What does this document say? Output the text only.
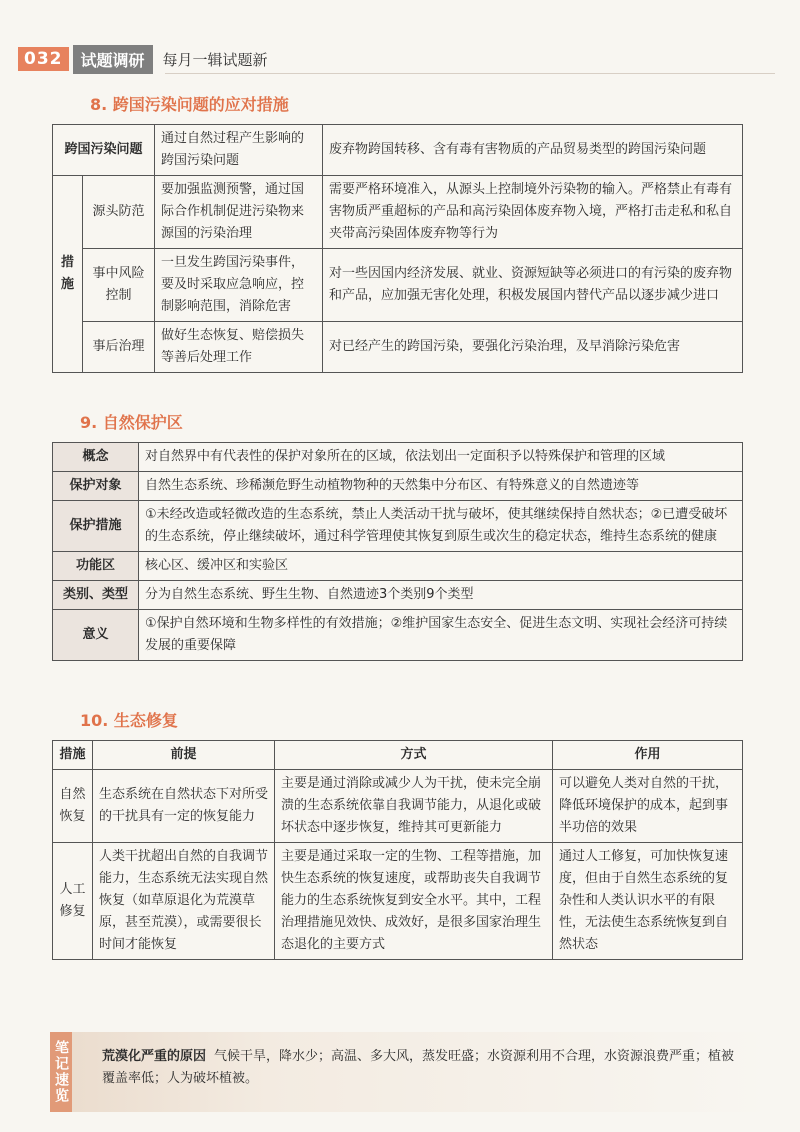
032	试题调研	每月一辑试题新
8. 跨国污染问题的应对措施
跨国污染问题		通过自然过程产生影响的跨国污染问题	废弃物跨国转移、含有毒有害物质的产品贸易类型的跨国污染问题
措施	源头防范	要加强监测预警，通过国际合作机制促进污染物来源国的污染治理	需要严格环境准入，从源头上控制境外污染物的输入。严格禁止有毒有害物质严重超标的产品和高污染固体废弃物入境，严格打击走私和私自夹带高污染固体废弃物等行为
	事中风险控制	一旦发生跨国污染事件，要及时采取应急响应，控制影响范围，消除危害	对一些因国内经济发展、就业、资源短缺等必须进口的有污染的废弃物和产品，应加强无害化处理，积极发展国内替代产品以逐步减少进口
	事后治理	做好生态恢复、赔偿损失等善后处理工作	对已经产生的跨国污染，要强化污染治理，及早消除污染危害
9. 自然保护区
概念	对自然界中有代表性的保护对象所在的区域，依法划出一定面积予以特殊保护和管理的区域
保护对象	自然生态系统、珍稀濒危野生动植物物种的天然集中分布区、有特殊意义的自然遗迹等
保护措施	①未经改造或轻微改造的生态系统，禁止人类活动干扰与破坏，使其继续保持自然状态；②已遭受破坏的生态系统，停止继续破坏，通过科学管理使其恢复到原生或次生的稳定状态，维持生态系统的健康
功能区	核心区、缓冲区和实验区
类别、类型	分为自然生态系统、野生生物、自然遗迹3个类别9个类型
意义	①保护自然环境和生物多样性的有效措施；②维护国家生态安全、促进生态文明、实现社会经济可持续发展的重要保障
10. 生态修复
措施	前提	方式	作用
自然恢复	生态系统在自然状态下对所受的干扰具有一定的恢复能力	主要是通过消除或减少人为干扰，使未完全崩溃的生态系统依靠自我调节能力，从退化或破坏状态中逐步恢复，维持其可更新能力	可以避免人类对自然的干扰，降低环境保护的成本，起到事半功倍的效果
人工修复	人类干扰超出自然的自我调节能力，生态系统无法实现自然恢复（如草原退化为荒漠草原，甚至荒漠），或需要很长时间才能恢复	主要是通过采取一定的生物、工程等措施，加快生态系统的恢复速度，或帮助丧失自我调节能力的生态系统恢复到安全水平。其中，工程治理措施见效快、成效好，是很多国家治理生态退化的主要方式	通过人工修复，可加快恢复速度，但由于自然生态系统的复杂性和人类认识水平的有限性，无法使生态系统恢复到自然状态
笔记速览	荒漠化严重的原因 气候干旱，降水少；高温、多大风，蒸发旺盛；水资源利用不合理，水资源浪费严重；植被覆盖率低；人为破坏植被。
